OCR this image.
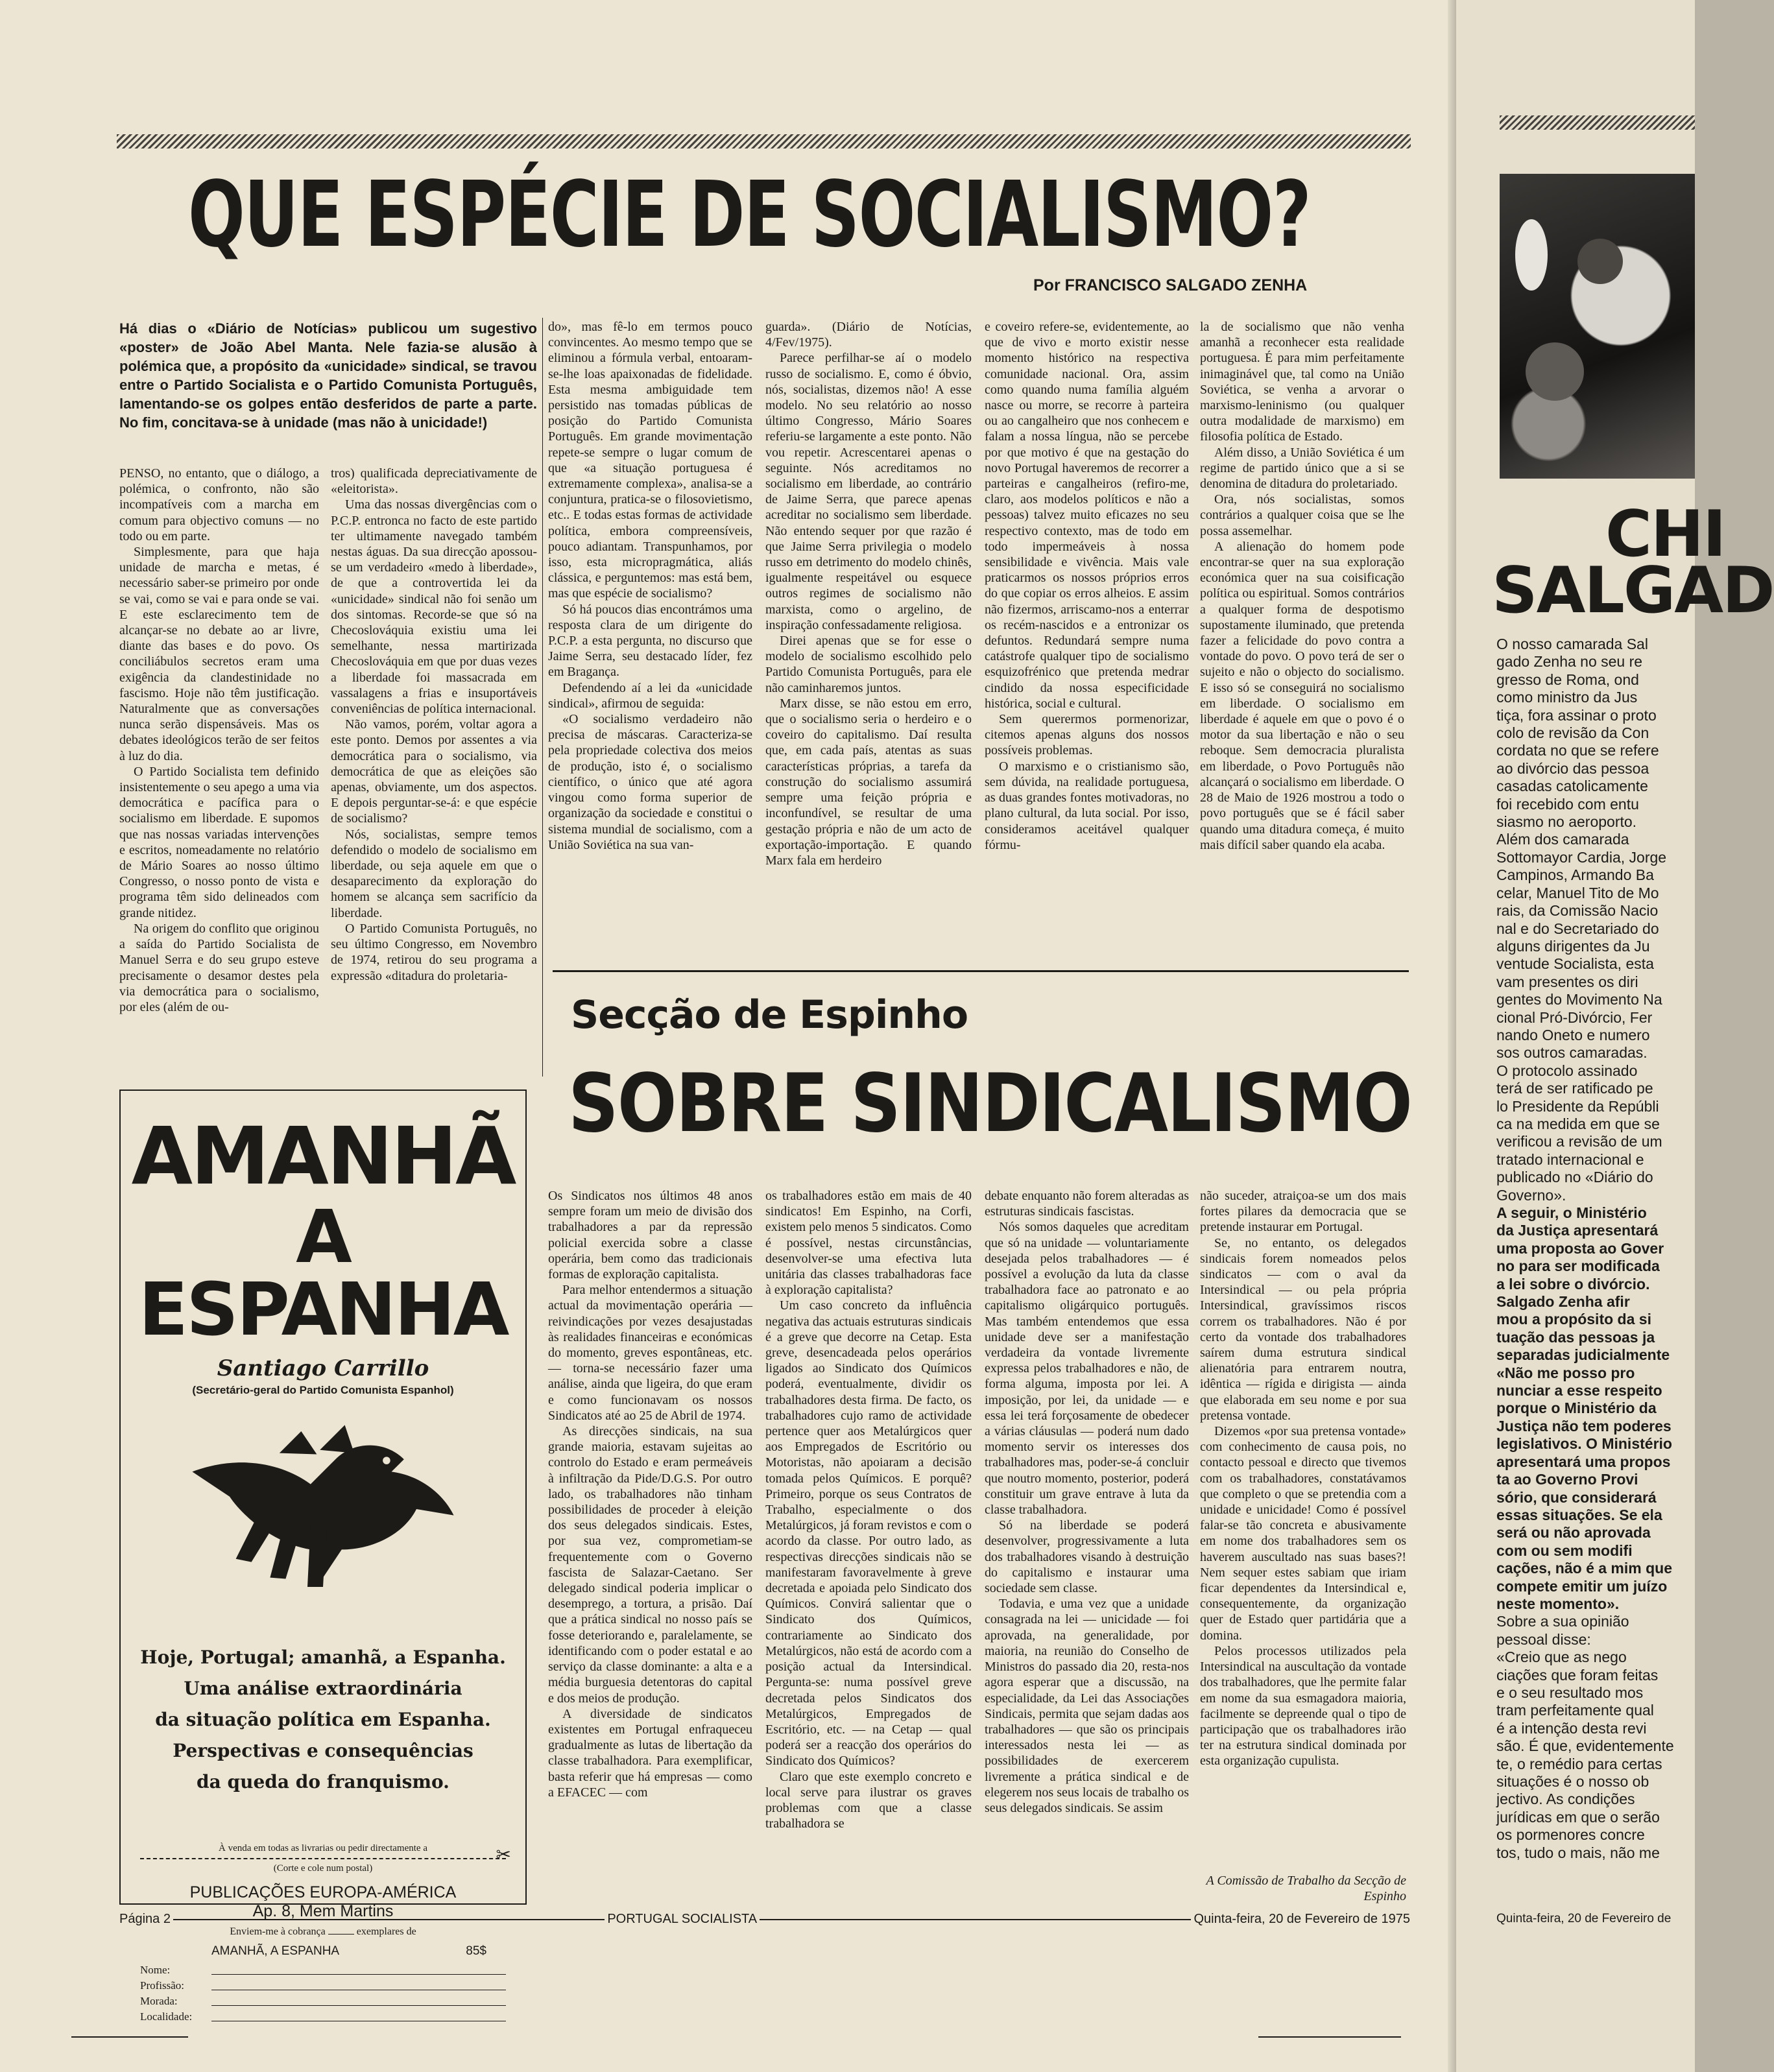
QUE ESPÉCIE DE SOCIALISMO?
Por FRANCISCO SALGADO ZENHA
Há dias o «Diário de Notícias» publicou um sugestivo «poster» de João Abel Manta. Nele fazia-se alusão à polémica que, a propósito da «unicidade» sindical, se travou entre o Partido Socialista e o Partido Comunista Português, lamentando-se os golpes então desferidos de parte a parte. No fim, concitava-se à unidade (mas não à unicidade!)

PENSO, no entanto, que o diálogo, a polémica, o confronto, não são incompatíveis com a marcha em comum para objectivo comuns — no todo ou em parte.

Simplesmente, para que haja unidade de marcha e metas, é necessário saber-se primeiro por onde se vai, como se vai e para onde se vai. E este esclarecimento tem de alcançar-se no debate ao ar livre, diante das bases e do povo. Os conciliábulos secretos eram uma exigência da clandestinidade no fascismo. Hoje não têm justificação. Naturalmente que as conversações nunca serão dispensáveis. Mas os debates ideológicos terão de ser feitos à luz do dia.

O Partido Socialista tem definido insistentemente o seu apego a uma via democrática e pacífica para o socialismo em liberdade. E supomos que nas nossas variadas intervenções e escritos, nomeadamente no relatório de Mário Soares ao nosso último Congresso, o nosso ponto de vista e programa têm sido delineados com grande nitidez.

Na origem do conflito que originou a saída do Partido Socialista de Manuel Serra e do seu grupo esteve precisamente o desamor destes pela via democrática para o socialismo, por eles (além de ou-

tros) qualificada depreciativamente de «eleitorista».

Uma das nossas divergências com o P.C.P. entronca no facto de este partido ter ultimamente navegado também nestas águas. Da sua direcção apossou-se um verdadeiro «medo à liberdade», de que a controvertida lei da «unicidade» sindical não foi senão um dos sintomas. Recorde-se que só na Checoslováquia existiu uma lei semelhante, nessa martirizada Checoslováquia em que por duas vezes a liberdade foi massacrada em vassalagens a frias e insuportáveis conveniências de política internacional.

Não vamos, porém, voltar agora a este ponto. Demos por assentes a via democrática para o socialismo, via democrática de que as eleições são apenas, obviamente, um dos aspectos. E depois perguntar-se-á: e que espécie de socialismo?

Nós, socialistas, sempre temos defendido o modelo de socialismo em liberdade, ou seja aquele em que o desaparecimento da exploração do homem se alcança sem sacrifício da liberdade.

O Partido Comunista Português, no seu último Congresso, em Novembro de 1974, retirou do seu programa a expressão «ditadura do proletaria-

do», mas fê-lo em termos pouco convincentes. Ao mesmo tempo que se eliminou a fórmula verbal, entoaram-se-lhe loas apaixonadas de fidelidade. Esta mesma ambiguidade tem persistido nas tomadas públicas de posição do Partido Comunista Português. Em grande movimentação repete-se sempre o lugar comum de que «a situação portuguesa é extremamente complexa», analisa-se a conjuntura, pratica-se o filosovietismo, etc.. E todas estas formas de actividade política, embora compreensíveis, pouco adiantam. Transpunhamos, por isso, esta micropragmática, aliás clássica, e perguntemos: mas está bem, mas que espécie de socialismo?

Só há poucos dias encontrámos uma resposta clara de um dirigente do P.C.P. a esta pergunta, no discurso que Jaime Serra, seu destacado líder, fez em Bragança.

Defendendo aí a lei da «unicidade sindical», afirmou de seguida:

«O socialismo verdadeiro não precisa de máscaras. Caracteriza-se pela propriedade colectiva dos meios de produção, isto é, o socialismo científico, o único que até agora vingou como forma superior de organização da sociedade e constitui o sistema mundial de socialismo, com a União Soviética na sua van-

guarda». (Diário de Notícias, 4/Fev/1975).

Parece perfilhar-se aí o modelo russo de socialismo. E, como é óbvio, nós, socialistas, dizemos não! A esse modelo. No seu relatório ao nosso último Congresso, Mário Soares referiu-se largamente a este ponto. Não vou repetir. Acrescentarei apenas o seguinte. Nós acreditamos no socialismo em liberdade, ao contrário de Jaime Serra, que parece apenas acreditar no socialismo sem liberdade. Não entendo sequer por que razão é que Jaime Serra privilegia o modelo russo em detrimento do modelo chinês, igualmente respeitável ou esquece outros regimes de socialismo não marxista, como o argelino, de inspiração confessadamente religiosa.

Direi apenas que se for esse o modelo de socialismo escolhido pelo Partido Comunista Português, para ele não caminharemos juntos.

Marx disse, se não estou em erro, que o socialismo seria o herdeiro e o coveiro do capitalismo. Daí resulta que, em cada país, atentas as suas características próprias, a tarefa da construção do socialismo assumirá sempre uma feição própria e inconfundível, se resultar de uma gestação própria e não de um acto de exportação-importação. E quando Marx fala em herdeiro

e coveiro refere-se, evidentemente, ao que de vivo e morto existir nesse momento histórico na respectiva comunidade nacional. Ora, assim como quando numa família alguém nasce ou morre, se recorre à parteira ou ao cangalheiro que nos conhecem e falam a nossa língua, não se percebe por que motivo é que na gestação do novo Portugal haveremos de recorrer a parteiras e cangalheiros (refiro-me, claro, aos modelos políticos e não a pessoas) talvez muito eficazes no seu respectivo contexto, mas de todo em todo impermeáveis à nossa sensibilidade e vivência. Mais vale praticarmos os nossos próprios erros do que copiar os erros alheios. E assim não fizermos, arriscamo-nos a enterrar os recém-nascidos e a entronizar os defuntos. Redundará sempre numa catástrofe qualquer tipo de socialismo esquizofrénico que pretenda medrar cindido da nossa especificidade histórica, social e cultural.

Sem querermos pormenorizar, citemos apenas alguns dos nossos possíveis problemas.

O marxismo e o cristianismo são, sem dúvida, na realidade portuguesa, as duas grandes fontes motivadoras, no plano cultural, da luta social. Por isso, consideramos aceitável qualquer fórmu-

la de socialismo que não venha amanhã a reconhecer esta realidade portuguesa. É para mim perfeitamente inimaginável que, tal como na União Soviética, se venha a arvorar o marxismo-leninismo (ou qualquer outra modalidade de marxismo) em filosofia política de Estado.

Além disso, a União Soviética é um regime de partido único que a si se denomina de ditadura do proletariado.

Ora, nós socialistas, somos contrários a qualquer coisa que se lhe possa assemelhar.

A alienação do homem pode encontrar-se quer na sua exploração económica quer na sua coisificação política ou espiritual. Somos contrários a qualquer forma de despotismo supostamente iluminado, que pretenda fazer a felicidade do povo contra a vontade do povo. O povo terá de ser o sujeito e não o objecto do socialismo. E isso só se conseguirá no socialismo em liberdade. O socialismo em liberdade é aquele em que o povo é o motor da sua libertação e não o seu reboque. Sem democracia pluralista em liberdade, o Povo Português não alcançará o socialismo em liberdade. O 28 de Maio de 1926 mostrou a todo o povo português que se é fácil saber quando uma ditadura começa, é muito mais difícil saber quando ela acaba.

Secção de Espinho
SOBRE SINDICALISMO

Os Sindicatos nos últimos 48 anos sempre foram um meio de divisão dos trabalhadores a par da repressão policial exercida sobre a classe operária, bem como das tradicionais formas de exploração capitalista.

Para melhor entendermos a situação actual da movimentação operária — reivindicações por vezes desajustadas às realidades financeiras e económicas do momento, greves espontâneas, etc. — torna-se necessário fazer uma análise, ainda que ligeira, do que eram e como funcionavam os nossos Sindicatos até ao 25 de Abril de 1974.

As direcções sindicais, na sua grande maioria, estavam sujeitas ao controlo do Estado e eram permeáveis à infiltração da Pide/D.G.S. Por outro lado, os trabalhadores não tinham possibilidades de proceder à eleição dos seus delegados sindicais. Estes, por sua vez, comprometiam-se frequentemente com o Governo fascista de Salazar-Caetano. Ser delegado sindical poderia implicar o desemprego, a tortura, a prisão. Daí que a prática sindical no nosso país se fosse deteriorando e, paralelamente, se identificando com o poder estatal e ao serviço da classe dominante: a alta e a média burguesia detentoras do capital e dos meios de produção.

A diversidade de sindicatos existentes em Portugal enfraqueceu gradualmente as lutas de libertação da classe trabalhadora. Para exemplificar, basta referir que há empresas — como a EFACEC — com

os trabalhadores estão em mais de 40 sindicatos! Em Espinho, na Corfi, existem pelo menos 5 sindicatos. Como é possível, nestas circunstâncias, desenvolver-se uma efectiva luta unitária das classes trabalhadoras face à exploração capitalista?

Um caso concreto da influência negativa das actuais estruturas sindicais é a greve que decorre na Cetap. Esta greve, desencadeada pelos operários ligados ao Sindicato dos Químicos poderá, eventualmente, dividir os trabalhadores desta firma. De facto, os trabalhadores cujo ramo de actividade pertence quer aos Metalúrgicos quer aos Empregados de Escritório ou Motoristas, não apoiaram a decisão tomada pelos Químicos. E porquê? Primeiro, porque os seus Contratos de Trabalho, especialmente o dos Metalúrgicos, já foram revistos e com o acordo da classe. Por outro lado, as respectivas direcções sindicais não se manifestaram favoravelmente à greve decretada e apoiada pelo Sindicato dos Químicos. Convirá salientar que o Sindicato dos Químicos, contrariamente ao Sindicato dos Metalúrgicos, não está de acordo com a posição actual da Intersindical. Pergunta-se: numa possível greve decretada pelos Sindicatos dos Metalúrgicos, Empregados de Escritório, etc. — na Cetap — qual poderá ser a reacção dos operários do Sindicato dos Químicos?

Claro que este exemplo concreto e local serve para ilustrar os graves problemas com que a classe trabalhadora se

debate enquanto não forem alteradas as estruturas sindicais fascistas.

Nós somos daqueles que acreditam que só na unidade — voluntariamente desejada pelos trabalhadores — é possível a evolução da luta da classe trabalhadora face ao patronato e ao capitalismo oligárquico português. Mas também entendemos que essa unidade deve ser a manifestação verdadeira da vontade livremente expressa pelos trabalhadores e não, de forma alguma, imposta por lei. A imposição, por lei, da unidade — e essa lei terá forçosamente de obedecer a várias cláusulas — poderá num dado momento servir os interesses dos trabalhadores mas, poder-se-á concluir que noutro momento, posterior, poderá constituir um grave entrave à luta da classe trabalhadora.

Só na liberdade se poderá desenvolver, progressivamente a luta dos trabalhadores visando à destruição do capitalismo e instaurar uma sociedade sem classe.

Todavia, e uma vez que a unidade consagrada na lei — unicidade — foi aprovada, na generalidade, por maioria, na reunião do Conselho de Ministros do passado dia 20, resta-nos agora esperar que a discussão, na especialidade, da Lei das Associações Sindicais, permita que sejam dadas aos trabalhadores — que são os principais interessados nesta lei — as possibilidades de exercerem livremente a prática sindical e de elegerem nos seus locais de trabalho os seus delegados sindicais. Se assim

não suceder, atraiçoa-se um dos mais fortes pilares da democracia que se pretende instaurar em Portugal.

Se, no entanto, os delegados sindicais forem nomeados pelos sindicatos — com o aval da Intersindical — ou pela própria Intersindical, gravíssimos riscos correm os trabalhadores. Não é por certo da vontade dos trabalhadores saírem duma estrutura sindical alienatória para entrarem noutra, idêntica — rígida e dirigista — ainda que elaborada em seu nome e por sua pretensa vontade.

Dizemos «por sua pretensa vontade» com conhecimento de causa pois, no contacto pessoal e directo que tivemos com os trabalhadores, constatávamos que completo o que se pretendia com a unidade e unicidade! Como é possível falar-se tão concreta e abusivamente em nome dos trabalhadores sem os haverem auscultado nas suas bases?! Nem sequer estes sabiam que iriam ficar dependentes da Intersindical e, consequentemente, da organização quer de Estado quer partidária que a domina.

Pelos processos utilizados pela Intersindical na auscultação da vontade dos trabalhadores, que lhe permite falar em nome da sua esmagadora maioria, facilmente se depreende qual o tipo de participação que os trabalhadores irão ter na estrutura sindical dominada por esta organização cupulista.

A Comissão de Trabalho da Secção de Espinho
AMANHÃ
A ESPANHA
Santiago Carrillo
(Secretário-geral do Partido Comunista Espanhol)
Hoje, Portugal; amanhã, a Espanha.
Uma análise extraordinária
da situação política em Espanha.
Perspectivas e consequências
da queda do franquismo.
À venda em todas as livrarias ou pedir directamente a	✂
(Corte e cole num postal)
PUBLICAÇÕES EUROPA-AMÉRICA
Ap. 8, Mem Martins
Enviem-me à cobrança	exemplares de
AMANHÃ, A ESPANHA	85$
Nome:
Profissão:
Morada:
Localidade:
Página 2	PORTUGAL SOCIALISTA	Quinta-feira, 20 de Fevereiro de 1975
CHI
SALGAD
O nosso camarada Sal
gado Zenha no seu re
gresso de Roma, ond
como ministro da Jus
tiça, fora assinar o proto
colo de revisão da Con
cordata no que se refere
ao divórcio das pessoa
casadas catolicamente
foi recebido com entu
siasmo no aeroporto.
Além dos camarada
Sottomayor Cardia, Jorge
Campinos, Armando Ba
celar, Manuel Tito de Mo
rais, da Comissão Nacio
nal e do Secretariado do
alguns dirigentes da Ju
ventude Socialista, esta
vam presentes os diri
gentes do Movimento Na
cional Pró-Divórcio, Fer
nando Oneto e numero
sos outros camaradas.
O protocolo assinado
terá de ser ratificado pe
lo Presidente da Repúbli
ca na medida em que se
verificou a revisão de um
tratado internacional e
publicado no «Diário do
Governo».
A seguir, o Ministério
da Justiça apresentará
uma proposta ao Gover
no para ser modificada
a lei sobre o divórcio.
Salgado Zenha afir
mou a propósito da si
tuação das pessoas ja
separadas judicialmente
«Não me posso pro
nunciar a esse respeito
porque o Ministério da
Justiça não tem poderes
legislativos. O Ministério
apresentará uma propos
ta ao Governo Provi
sório, que considerará
essas situações. Se ela
será ou não aprovada
com ou sem modifi
cações, não é a mim que
compete emitir um juízo
neste momento».
Sobre a sua opinião
pessoal disse:
«Creio que as nego
ciações que foram feitas
e o seu resultado mos
tram perfeitamente qual
é a intenção desta revi
são. É que, evidentemente
te, o remédio para certas
situações é o nosso ob
jectivo. As condições
jurídicas em que o serão
os pormenores concre
tos, tudo o mais, não me
Quinta-feira, 20 de Fevereiro de
